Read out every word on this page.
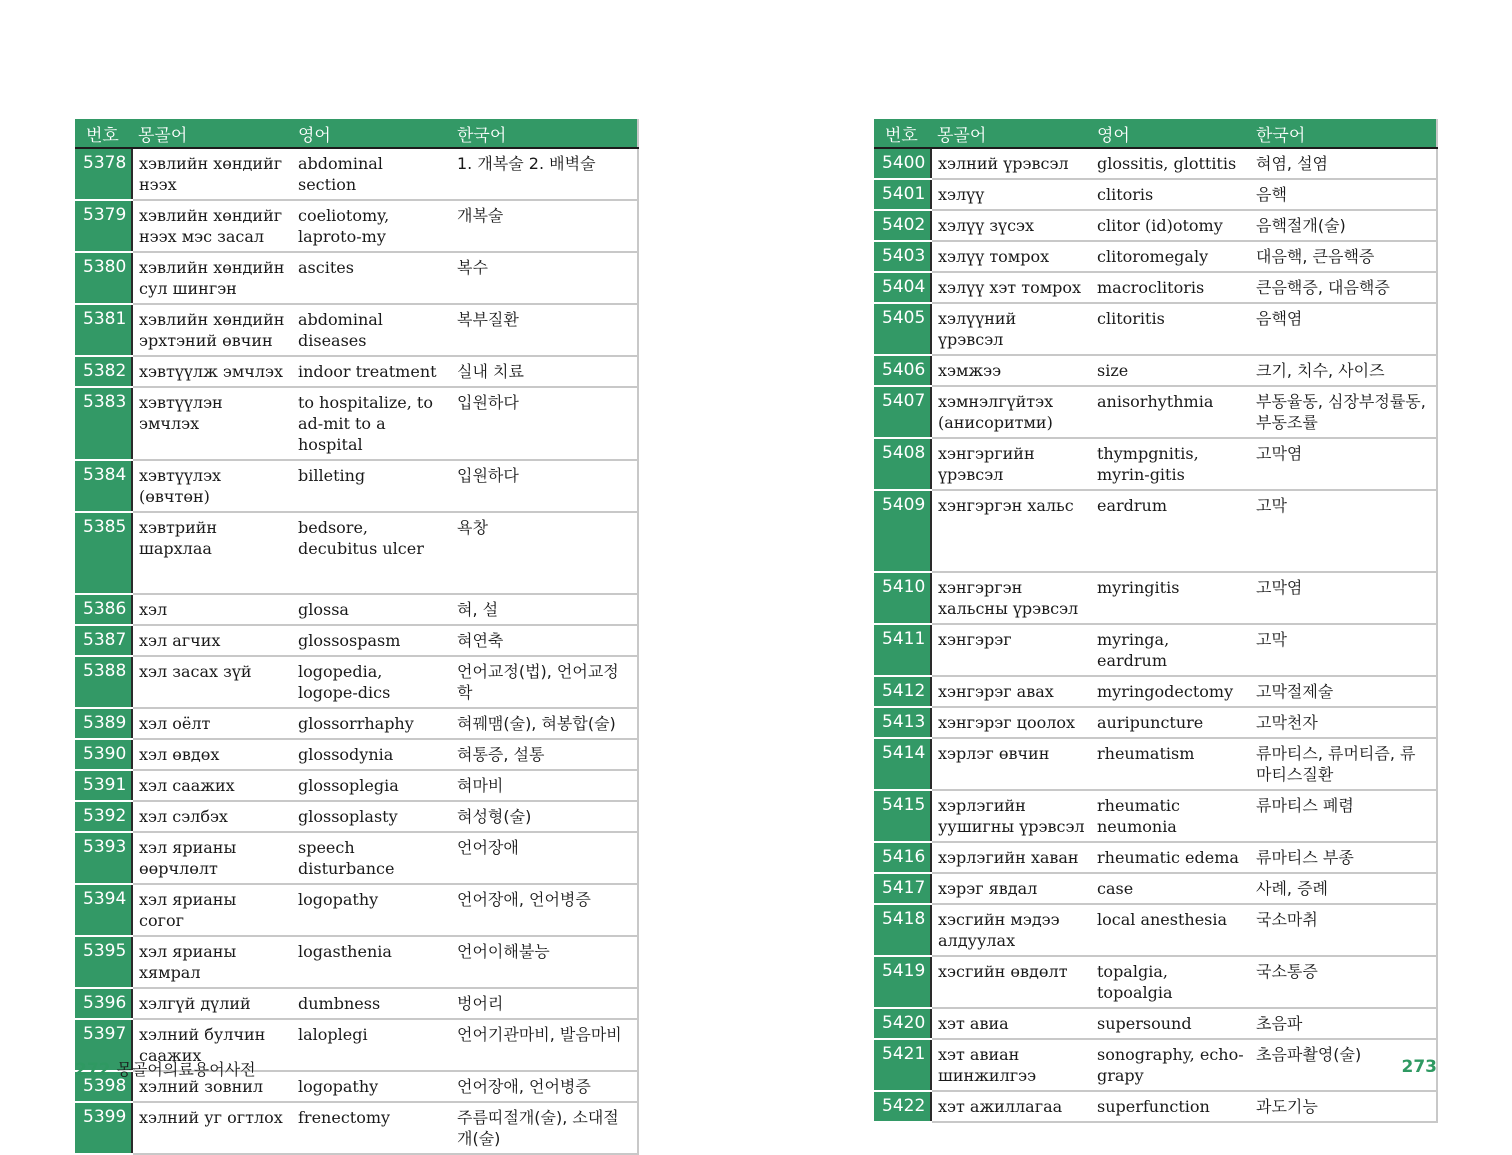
번호	몽골어	영어	한국어
5378	хэвлийн хөндийг нээх	abdominal section	1. 개복술 2. 배벽술
5379	хэвлийн хөндийг нээх мэс засал	coeliotomy, laproto-my	개복술
5380	хэвлийн хөндийн сул шингэн	ascites	복수
5381	хэвлийн хөндийн эрхтэний өвчин	abdominal diseases	복부질환
5382	хэвтүүлж эмчлэх	indoor treatment	실내 치료
5383	хэвтүүлэн эмчлэх	to hospitalize, to ad-mit to a hospital	입원하다
5384	хэвтүүлэх (өвчтөн)	billeting	입원하다
5385	хэвтрийн шархлаа	bedsore, decubitus ulcer	욕창
5386	хэл	glossa	혀, 설
5387	хэл агчих	glossospasm	혀연축
5388	хэл засах зүй	logopedia, logope-dics	언어교정(법), 언어교정학
5389	хэл оёлт	glossorrhaphy	혀꿰맴(술), 혀봉합(술)
5390	хэл өвдөх	glossodynia	혀통증, 설통
5391	хэл саажих	glossoplegia	혀마비
5392	хэл сэлбэх	glossoplasty	혀성형(술)
5393	хэл ярианы өөрчлөлт	speech disturbance	언어장애
5394	хэл ярианы согог	logopathy	언어장애, 언어병증
5395	хэл ярианы хямрал	logasthenia	언어이해불능
5396	хэлгүй дүлий	dumbness	벙어리
5397	хэлний булчин саажих	laloplegi	언어기관마비, 발음마비
5398	хэлний зовнил	logopathy	언어장애, 언어병증
5399	хэлний уг огтлох	frenectomy	주름띠절개(술), 소대절개(술)
번호	몽골어	영어	한국어
5400	хэлний үрэвсэл	glossitis, glottitis	혀염, 설염
5401	хэлүү	clitoris	음핵
5402	хэлүү зүсэх	clitor (id)otomy	음핵절개(술)
5403	хэлүү томрох	clitoromegaly	대음핵, 큰음핵증
5404	хэлүү хэт томрох	macroclitoris	큰음핵증, 대음핵증
5405	хэлүүний үрэвсэл	clitoritis	음핵염
5406	хэмжээ	size	크기, 치수, 사이즈
5407	хэмнэлгүйтэх (анисоритми)	anisorhythmia	부동율동, 심장부정률동, 부동조률
5408	хэнгэргийн үрэвсэл	thympgnitis, myrin-gitis	고막염
5409	хэнгэргэн хальс	eardrum	고막
5410	хэнгэргэн хальсны үрэвсэл	myringitis	고막염
5411	хэнгэрэг	myringa, eardrum	고막
5412	хэнгэрэг авах	myringodectomy	고막절제술
5413	хэнгэрэг цоолох	auripuncture	고막천자
5414	хэрлэг өвчин	rheumatism	류마티스, 류머티즘, 류마티스질환
5415	хэрлэгийн уушигны үрэвсэл	rheumatic neumonia	류마티스 폐렴
5416	хэрлэгийн хаван	rheumatic edema	류마티스 부종
5417	хэрэг явдал	case	사례, 증례
5418	хэсгийн мэдээ алдуулах	local anesthesia	국소마취
5419	хэсгийн өвдөлт	topalgia, topoalgia	국소통증
5420	хэт авиа	supersound	초음파
5421	хэт авиан шинжилгээ	sonography, echo-grapy	초음파촬영(술)
5422	хэт ажиллагаа	superfunction	과도기능
272 몽골어의료용어사전	273
